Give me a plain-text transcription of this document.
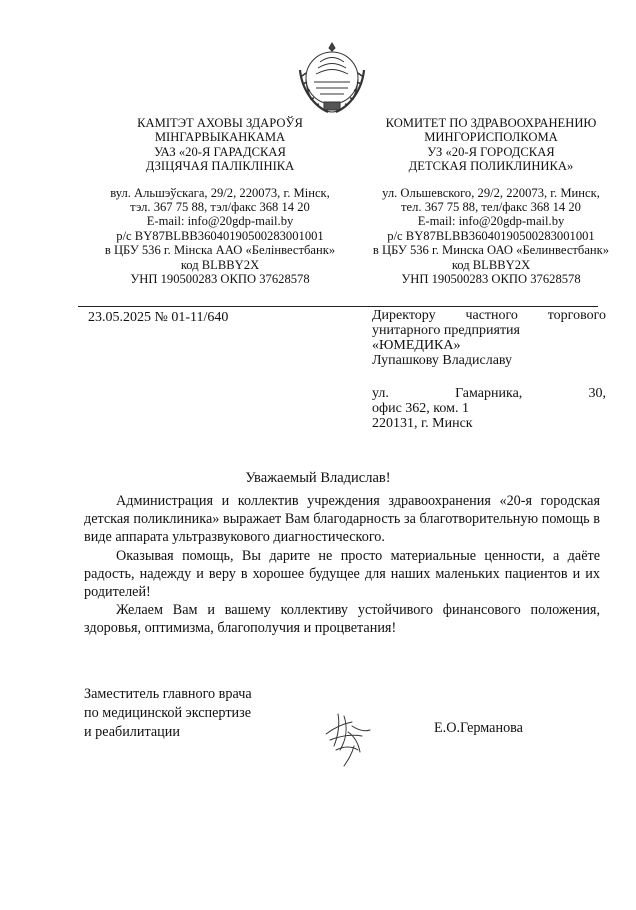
КАМІТЭТ АХОВЫ ЗДАРОЎЯ
МІНГАРВЫКАНКАМА
УАЗ «20-Я ГАРАДСКАЯ
ДЗІЦЯЧАЯ ПАЛІКЛІНІКА
вул. Альшэўскага, 29/2, 220073, г. Мінск,
тэл. 367 75 88, тэл/факс 368 14 20
E-mail: info@20gdp-mail.by
р/с BY87BLBB36040190500283001001
в ЦБУ 536 г. Мінска ААО «Белінвестбанк»
код BLBBY2X
УНП 190500283 ОКПО 37628578
КОМИТЕТ ПО ЗДРАВООХРАНЕНИЮ
МИНГОРИСПОЛКОМА
УЗ «20-Я ГОРОДСКАЯ
ДЕТСКАЯ ПОЛИКЛИНИКА»
ул. Ольшевского, 29/2, 220073, г. Минск,
тел. 367 75 88, тел/факс 368 14 20
E-mail: info@20gdp-mail.by
р/с BY87BLBB36040190500283001001
в ЦБУ 536 г. Минска ОАО «Белинвестбанк»
код BLBBY2X
УНП 190500283 ОКПО 37628578
23.05.2025 № 01-11/640	Директору частного торгового
унитарного предприятия
«ЮМЕДИКА»
Лупашкову Владиславу
ул. Гамарника, 30,
офис 362, ком. 1
220131, г. Минск
Уважаемый Владислав!

Администрация и коллектив учреждения здравоохранения «20-я городская детская поликлиника» выражает Вам благодарность за благотворительную помощь в виде аппарата ультразвукового диагностического.

Оказывая помощь, Вы дарите не просто материальные ценности, а даёте радость, надежду и веру в хорошее будущее для наших маленьких пациентов и их родителей!

Желаем Вам и вашему коллективу устойчивого финансового положения, здоровья, оптимизма, благополучия и процветания!

Заместитель главного врача
по медицинской экспертизе
и реабилитации	Е.О.Германова
